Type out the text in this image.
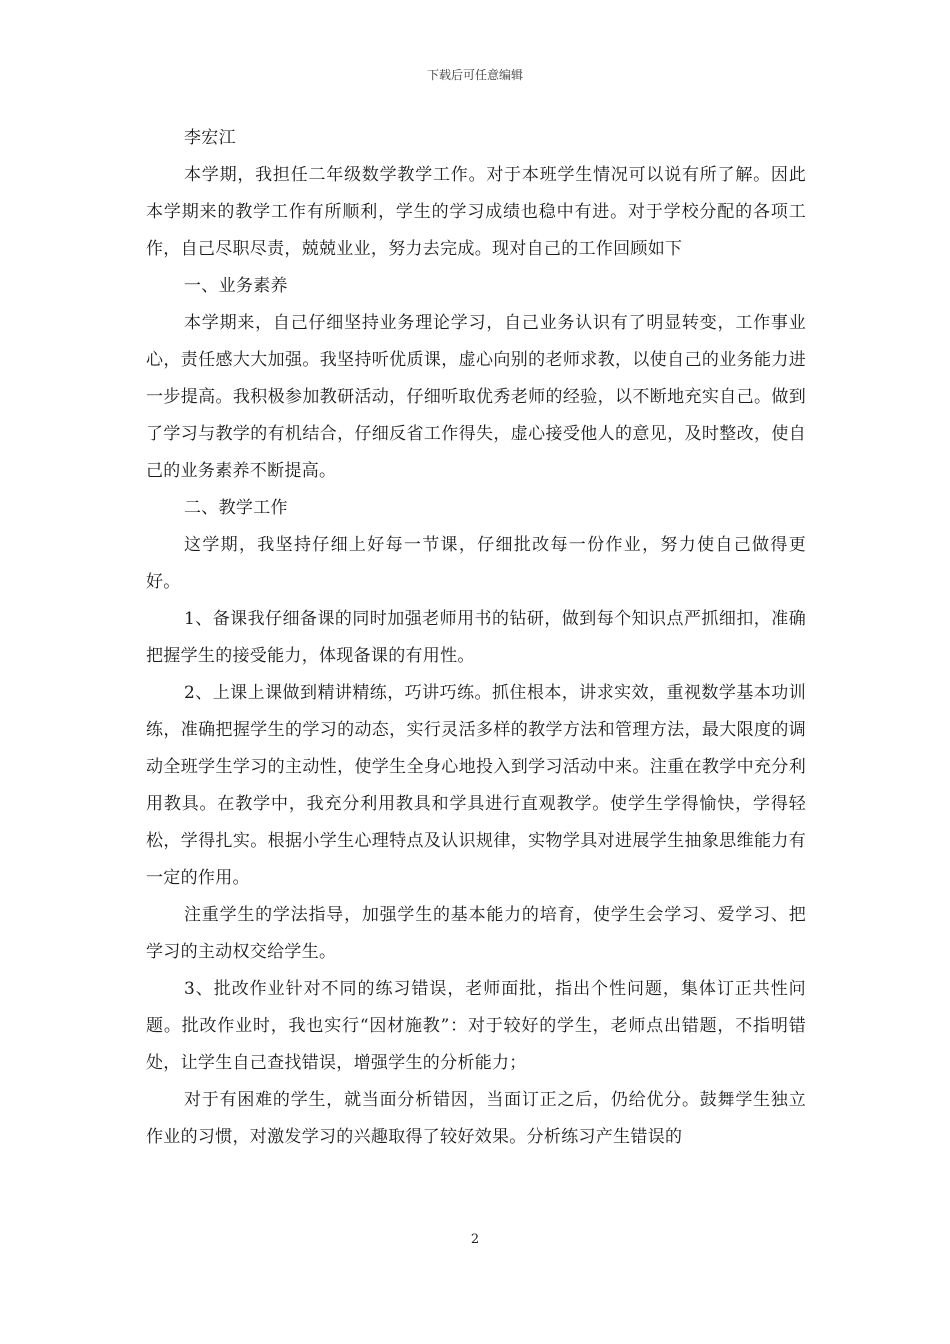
下载后可任意编辑

李宏江

本学期，我担任二年级数学教学工作。对于本班学生情况可以说有所了解。因此本学期来的教学工作有所顺利，学生的学习成绩也稳中有进。对于学校分配的各项工作，自己尽职尽责，兢兢业业，努力去完成。现对自己的工作回顾如下

一、业务素养

本学期来，自己仔细坚持业务理论学习，自己业务认识有了明显转变，工作事业心，责任感大大加强。我坚持听优质课，虚心向别的老师求教，以使自己的业务能力进一步提高。我积极参加教研活动，仔细听取优秀老师的经验，以不断地充实自己。做到了学习与教学的有机结合，仔细反省工作得失，虚心接受他人的意见，及时整改，使自己的业务素养不断提高。

二、教学工作

这学期，我坚持仔细上好每一节课，仔细批改每一份作业，努力使自己做得更好。

1、备课我仔细备课的同时加强老师用书的钻研，做到每个知识点严抓细扣，准确把握学生的接受能力，体现备课的有用性。

2、上课上课做到精讲精练，巧讲巧练。抓住根本，讲求实效，重视数学基本功训练，准确把握学生的学习的动态，实行灵活多样的教学方法和管理方法，最大限度的调动全班学生学习的主动性，使学生全身心地投入到学习活动中来。注重在教学中充分利用教具。在教学中，我充分利用教具和学具进行直观教学。使学生学得愉快，学得轻松，学得扎实。根据小学生心理特点及认识规律，实物学具对进展学生抽象思维能力有一定的作用。

注重学生的学法指导，加强学生的基本能力的培育，使学生会学习、爱学习、把学习的主动权交给学生。

3、批改作业针对不同的练习错误，老师面批，指出个性问题，集体订正共性问题。批改作业时，我也实行“因材施教”：对于较好的学生，老师点出错题，不指明错处，让学生自己查找错误，增强学生的分析能力；

对于有困难的学生，就当面分析错因，当面订正之后，仍给优分。鼓舞学生独立作业的习惯，对激发学习的兴趣取得了较好效果。分析练习产生错误的

2
